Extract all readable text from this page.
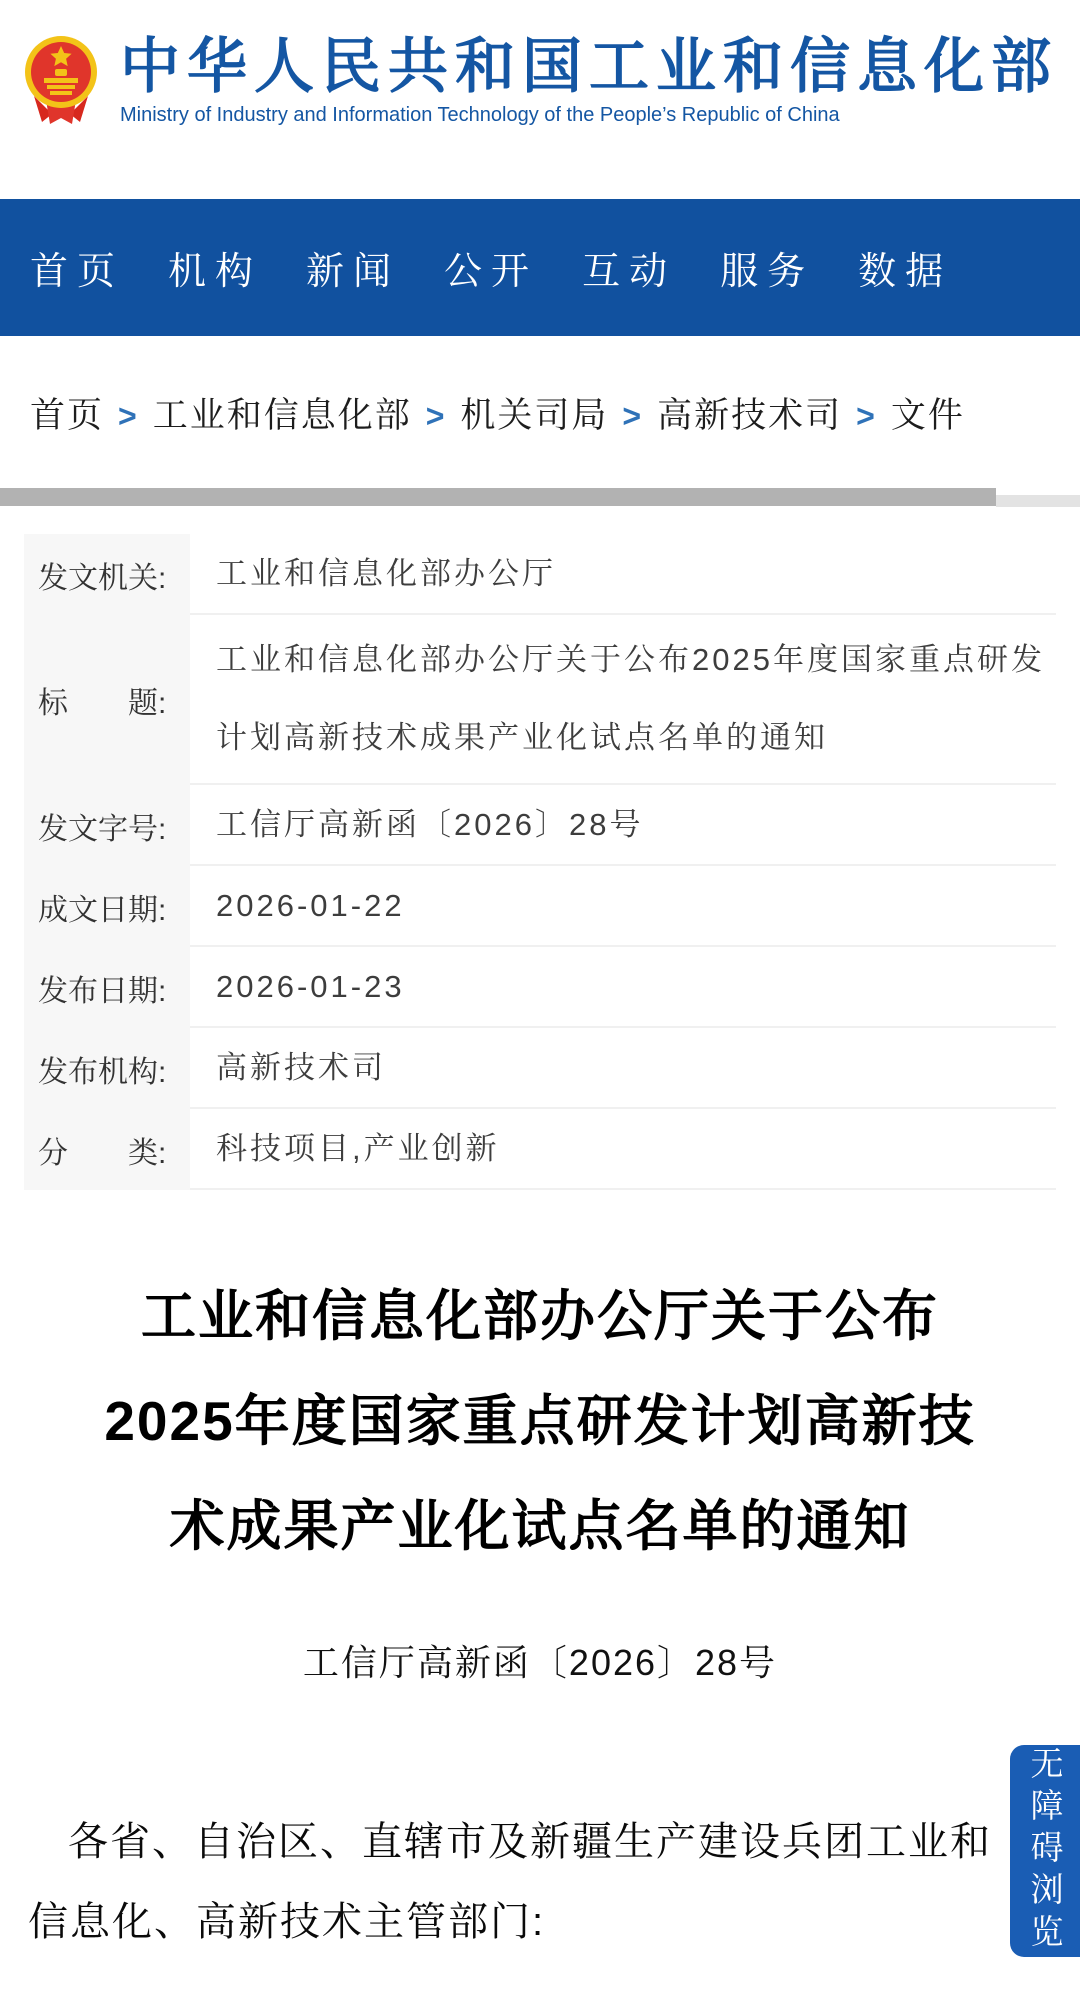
中华人民共和国工业和信息化部
Ministry of Industry and Information Technology of the People’s Republic of China
首页 机构 新闻 公开 互动 服务 数据
首页 > 工业和信息化部 > 机关司局 > 高新技术司 > 文件
发文机关:	工业和信息化部办公厅
标　　题:
工业和信息化部办公厅关于公布2025年度国家重点研发计划高新技术成果产业化试点名单的通知
发文字号:	工信厅高新函〔2026〕28号
成文日期:	2026-01-22
发布日期:	2026-01-23
发布机构:	高新技术司
分　　类:	科技项目,产业创新
工业和信息化部办公厅关于公布
2025年度国家重点研发计划高新技
术成果产业化试点名单的通知
工信厅高新函〔2026〕28号

各省、自治区、直辖市及新疆生产建设兵团工业和信息化、高新技术主管部门:	无障碍浏览
